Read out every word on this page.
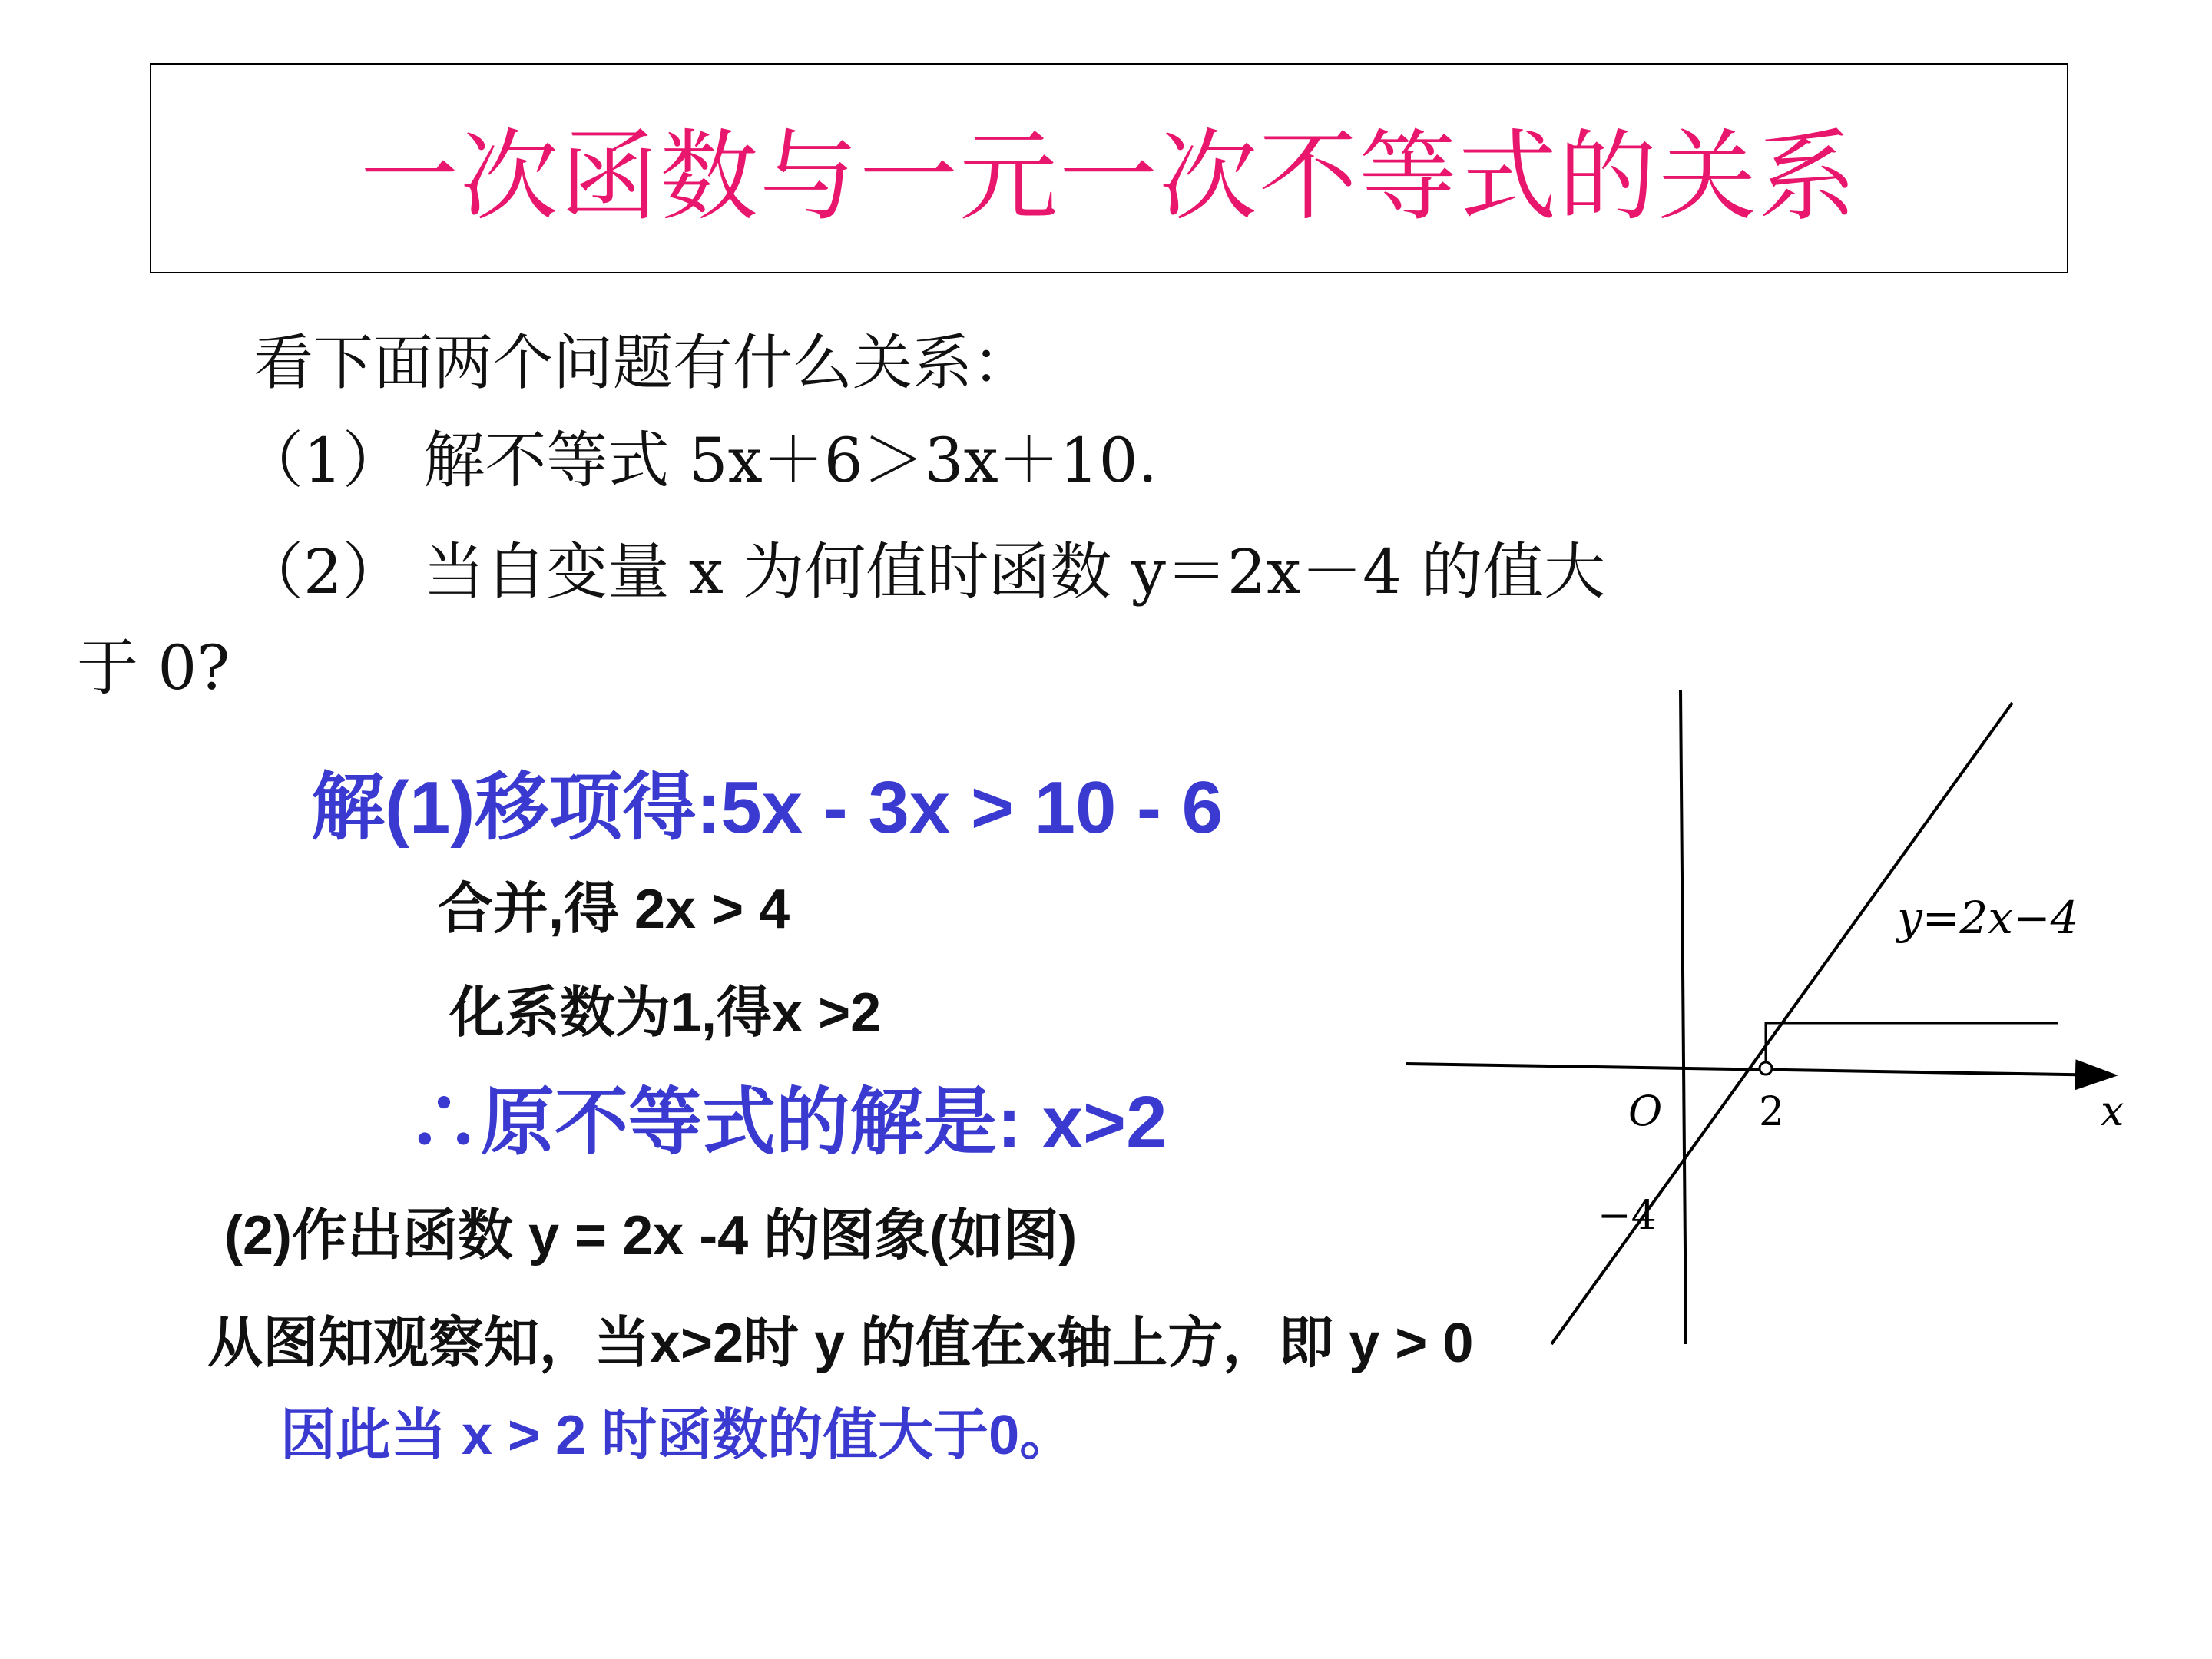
一次函数与一元一次不等式的关系
看下面两个问题有什么关系：
（1） 解不等式 5x＋6＞3x＋10.
（2） 当自变量 x 为何值时函数 y＝2x－4 的值大
于 0?
解(1)移项得:5x - 3x > 10 - 6
合并,得 2x > 4
化系数为1,得x >2
∴原不等式的解是: x>2
(2)作出函数 y = 2x -4 的图象(如图)
从图知观察知，当x>2时 y 的值在x轴上方，即 y > 0
因此当 x > 2 时函数的值大于0。
y=2x−4
O	x
2
−4
